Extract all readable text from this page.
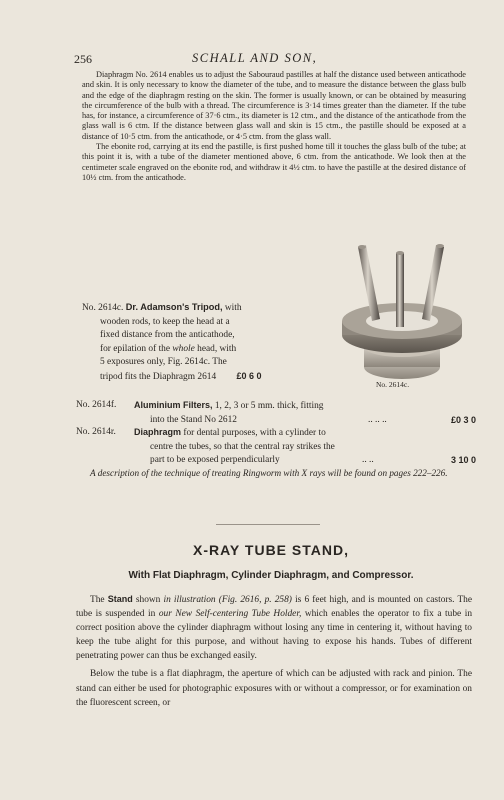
256	SCHALL AND SON,

Diaphragm No. 2614 enables us to adjust the Sabouraud pastilles at half the distance used between anticathode and skin. It is only necessary to know the diameter of the tube, and to measure the distance between the glass bulb and the edge of the diaphragm resting on the skin. The former is usually known, or can be obtained by measuring the circumference of the bulb with a thread. The circumference is 3·14 times greater than the diameter. If the tube has, for instance, a circumference of 37·6 ctm., its diameter is 12 ctm., and the distance of the anticathode from the glass wall is 6 ctm. If the distance between glass wall and skin is 15 ctm., the pastille should be exposed at a distance of 10·5 ctm. from the anticathode, or 4·5 ctm. from the glass wall.

The ebonite rod, carrying at its end the pastille, is first pushed home till it touches the glass bulb of the tube; at this point it is, with a tube of the diameter mentioned above, 6 ctm. from the anticathode. We look then at the centimeter scale engraved on the ebonite rod, and withdraw it 4½ ctm. to have the pastille at the desired distance of 10½ ctm. from the anticathode.

No. 2614c. Dr. Adamson's Tripod, with
wooden rods, to keep the head at a
fixed distance from the anticathode,
for epilation of the whole head, with
5 exposures only, Fig. 2614c. The
tripod fits the Diaphragm 2614 £0 6 0
No. 2614c.
No. 2614f.	Aluminium Filters, 1, 2, 3 or 5 mm. thick, fitting
into the Stand No 2612	.. .. ..	£0 3 0
No. 2614r.	Diaphragm for dental purposes, with a cylinder to
centre the tubes, so that the central ray strikes the
part to be exposed perpendicularly	.. ..	3 10 0
A description of the technique of treating Ringworm with X rays will be found on pages 222–226.
X-RAY TUBE STAND,
With Flat Diaphragm, Cylinder Diaphragm, and Compressor.

The Stand shown in illustration (Fig. 2616, p. 258) is 6 feet high, and is mounted on castors. The tube is suspended in our New Self-centering Tube Holder, which enables the operator to fix a tube in correct position above the cylinder diaphragm without losing any time in centering it, without having to keep the tube alight for this purpose, and without having to expose his hands. Tubes of different penetrating power can thus be exchanged easily.

Below the tube is a flat diaphragm, the aperture of which can be adjusted with rack and pinion. The stand can either be used for photographic exposures with or without a compressor, or for examination on the fluorescent screen, or
